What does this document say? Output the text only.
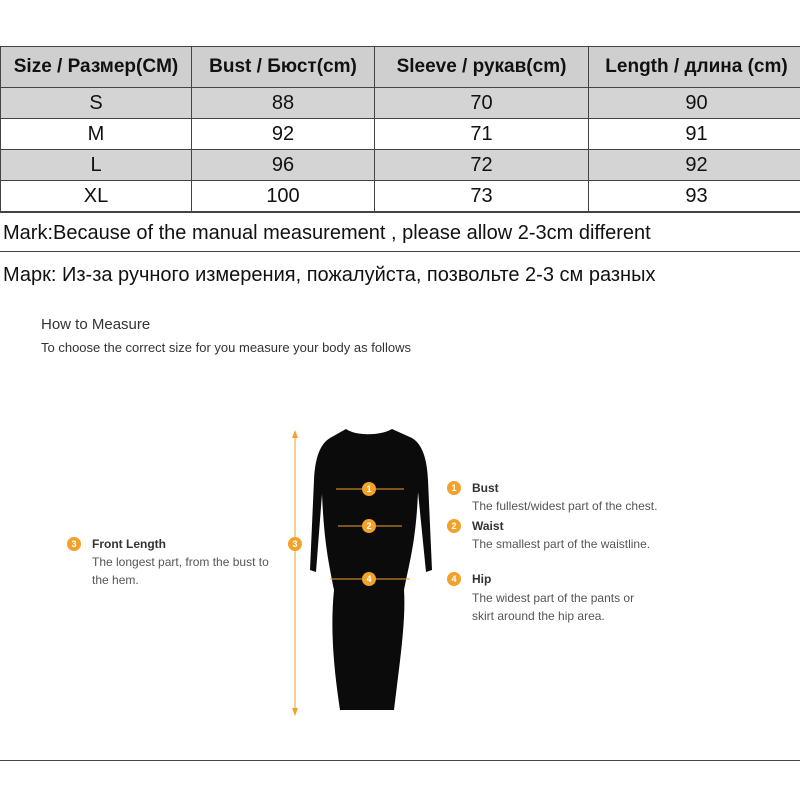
Size / Размер(CM)	Bust / Бюст(cm)	Sleeve / рукав(cm)	Length / длина (cm)
S	88	70	90
M	92	71	91
L	96	72	92
XL	100	73	93
Mark:Because of the manual measurement , please allow 2-3cm different
Марк: Из-за ручного измерения, пожалуйста, позвольте 2-3 см разных
How to Measure
To choose the correct size for you measure your body as follows
1
2
4
3
3	Front Length
The longest part, from the bust to
the hem.
1	Bust
The fullest/widest part of the chest.
2	Waist
The smallest part of the waistline.
4	Hip
The widest part of the pants or
skirt around the hip area.
